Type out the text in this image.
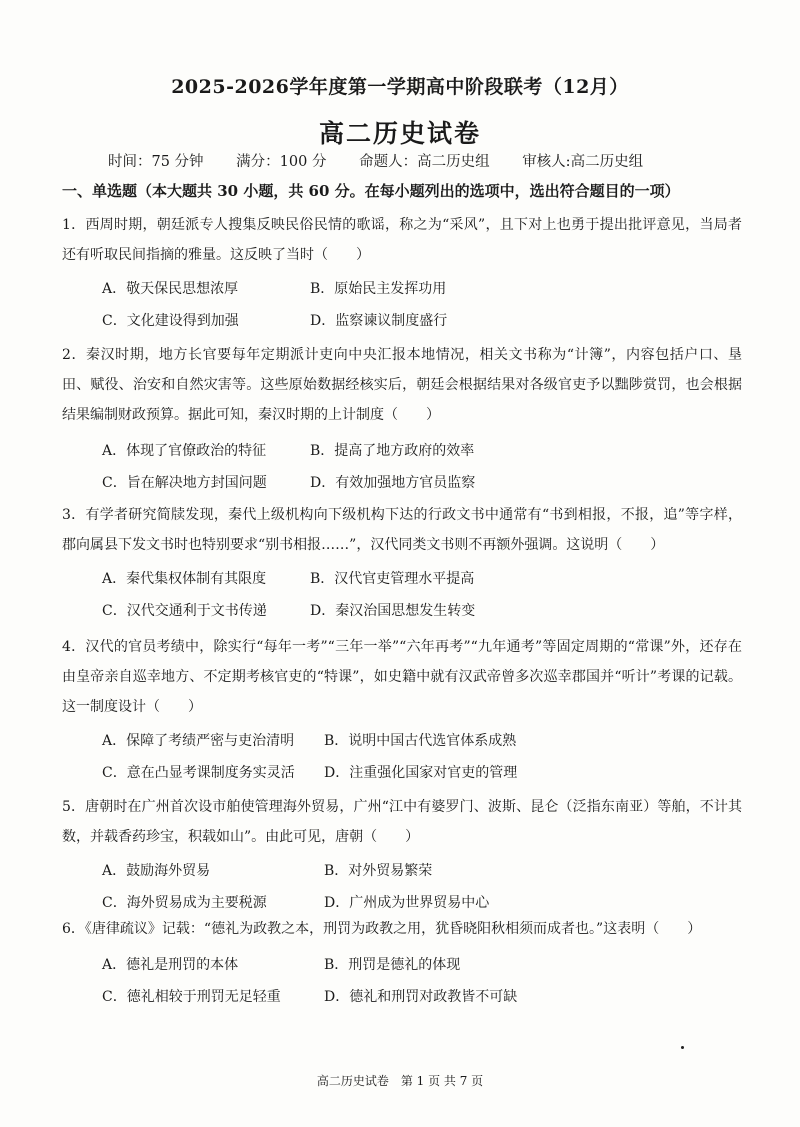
2025-2026学年度第一学期高中阶段联考（12月）
高二历史试卷
时间：75 分钟 满分：100 分 命题人：高二历史组 审核人:高二历史组
一、单选题（本大题共 30 小题，共 60 分。在每小题列出的选项中，选出符合题目的一项）
1．西周时期，朝廷派专人搜集反映民俗民情的歌谣，称之为“采风”，且下对上也勇于提出批评意见，当局者还有听取民间指摘的雅量。这反映了当时（　　）
A．敬天保民思想浓厚	B．原始民主发挥功用
C．文化建设得到加强	D．监察谏议制度盛行
2．秦汉时期，地方长官要每年定期派计吏向中央汇报本地情况，相关文书称为“计簿”，内容包括户口、垦田、赋役、治安和自然灾害等。这些原始数据经核实后，朝廷会根据结果对各级官吏予以黜陟赏罚，也会根据结果编制财政预算。据此可知，秦汉时期的上计制度（　　）
A．体现了官僚政治的特征	B．提高了地方政府的效率
C．旨在解决地方封国问题	D．有效加强地方官员监察
3．有学者研究简牍发现，秦代上级机构向下级机构下达的行政文书中通常有“书到相报，不报，追”等字样，郡向属县下发文书时也特别要求“别书相报……”，汉代同类文书则不再额外强调。这说明（　　）
A．秦代集权体制有其限度	B．汉代官吏管理水平提高
C．汉代交通利于文书传递	D．秦汉治国思想发生转变
4．汉代的官员考绩中，除实行“每年一考”“三年一举”“六年再考”“九年通考”等固定周期的“常课”外，还存在由皇帝亲自巡幸地方、不定期考核官吏的“特课”，如史籍中就有汉武帝曾多次巡幸郡国并“听计”考课的记载。这一制度设计（　　）
A．保障了考绩严密与吏治清明 B．说明中国古代选官体系成熟
C．意在凸显考课制度务实灵活 D．注重强化国家对官吏的管理
5．唐朝时在广州首次设市舶使管理海外贸易，广州“江中有婆罗门、波斯、昆仑（泛指东南亚）等舶，不计其数，并载香药珍宝，积载如山”。由此可见，唐朝（　　）
A．鼓励海外贸易	B．对外贸易繁荣
C．海外贸易成为主要税源	D．广州成为世界贸易中心
6．《唐律疏议》记载：“德礼为政教之本，刑罚为政教之用，犹昏晓阳秋相须而成者也。”这表明（　　）
A．德礼是刑罚的本体	B．刑罚是德礼的体现
C．德礼相较于刑罚无足轻重	D．德礼和刑罚对政教皆不可缺
高二历史试卷　第 1 页 共 7 页
